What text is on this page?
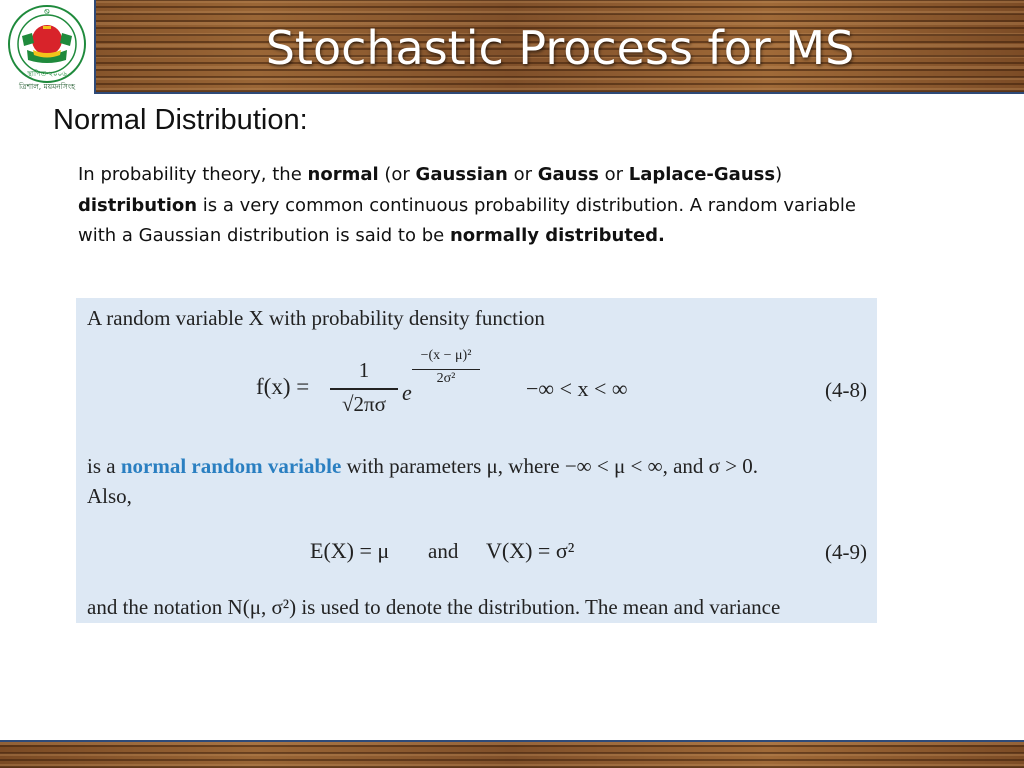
Ꮻ
স্থাপিত-২০০৬
ত্রিশাল, ময়মনসিংহ
Stochastic Process for MS
Normal Distribution:
In probability theory, the normal (or Gaussian or Gauss or Laplace-Gauss) distribution is a very common continuous probability distribution. A random variable with a Gaussian distribution is said to be normally distributed.
A random variable X with probability density function
f(x) =
1
√2πσ e
−(x − μ)²
2σ²	−∞ < x < ∞	(4-8)
is a normal random variable with parameters μ, where −∞ < μ < ∞, and σ > 0.
Also,
E(X) = μ and V(X) = σ²	(4-9)
and the notation N(μ, σ²) is used to denote the distribution. The mean and variance
